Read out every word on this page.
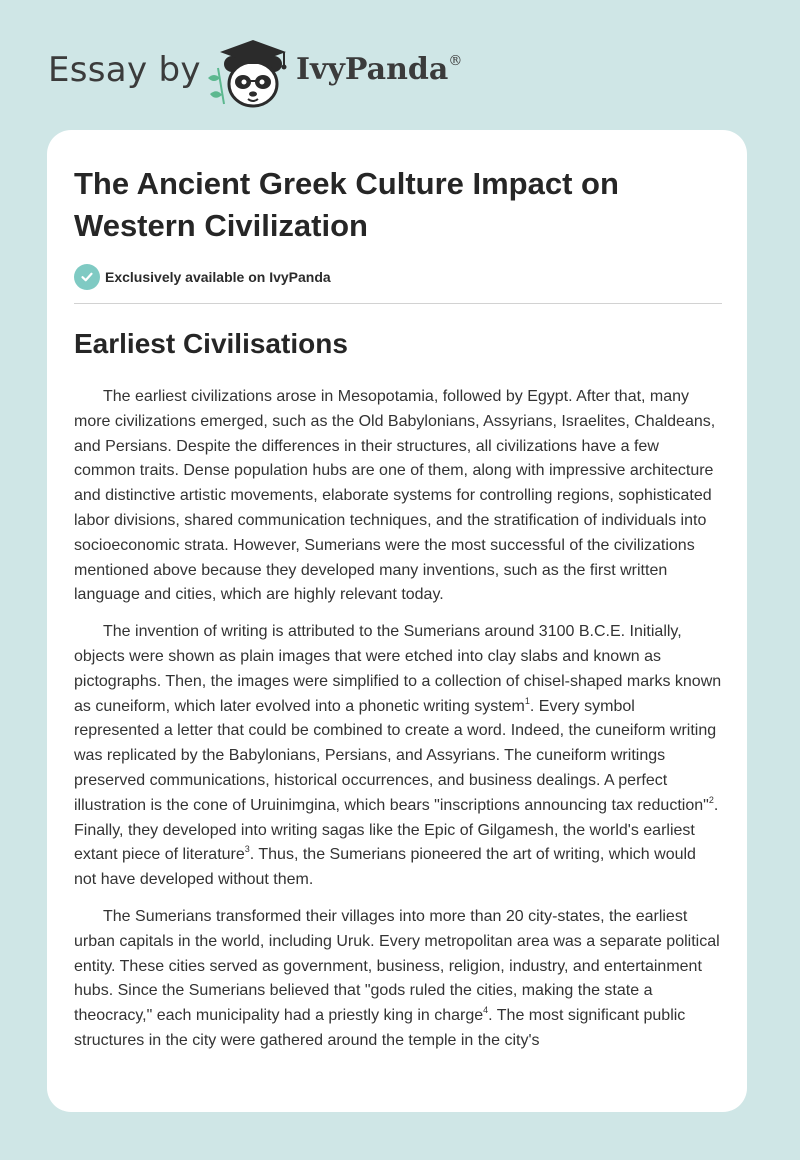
Essay by	IvyPanda®
The Ancient Greek Culture Impact on Western Civilization
Exclusively available on IvyPanda
Earliest Civilisations

The earliest civilizations arose in Mesopotamia, followed by Egypt. After that, many more civilizations emerged, such as the Old Babylonians, Assyrians, Israelites, Chaldeans, and Persians. Despite the differences in their structures, all civilizations have a few common traits. Dense population hubs are one of them, along with impressive architecture and distinctive artistic movements, elaborate systems for controlling regions, sophisticated labor divisions, shared communication techniques, and the stratification of individuals into socioeconomic strata. However, Sumerians were the most successful of the civilizations mentioned above because they developed many inventions, such as the first written language and cities, which are highly relevant today.

The invention of writing is attributed to the Sumerians around 3100 B.C.E. Initially, objects were shown as plain images that were etched into clay slabs and known as pictographs. Then, the images were simplified to a collection of chisel-shaped marks known as cuneiform, which later evolved into a phonetic writing system$^1$. Every symbol represented a letter that could be combined to create a word. Indeed, the cuneiform writing was replicated by the Babylonians, Persians, and Assyrians. The cuneiform writings preserved communications, historical occurrences, and business dealings. A perfect illustration is the cone of Uruinimgina, which bears "inscriptions announcing tax reduction"$^2$. Finally, they developed into writing sagas like the Epic of Gilgamesh, the world's earliest extant piece of literature$^3$. Thus, the Sumerians pioneered the art of writing, which would not have developed without them.

The Sumerians transformed their villages into more than 20 city-states, the earliest urban capitals in the world, including Uruk. Every metropolitan area was a separate political entity. These cities served as government, business, religion, industry, and entertainment hubs. Since the Sumerians believed that "gods ruled the cities, making the state a theocracy," each municipality had a priestly king in charge$^4$. The most significant public structures in the city were gathered around the temple in the city's
